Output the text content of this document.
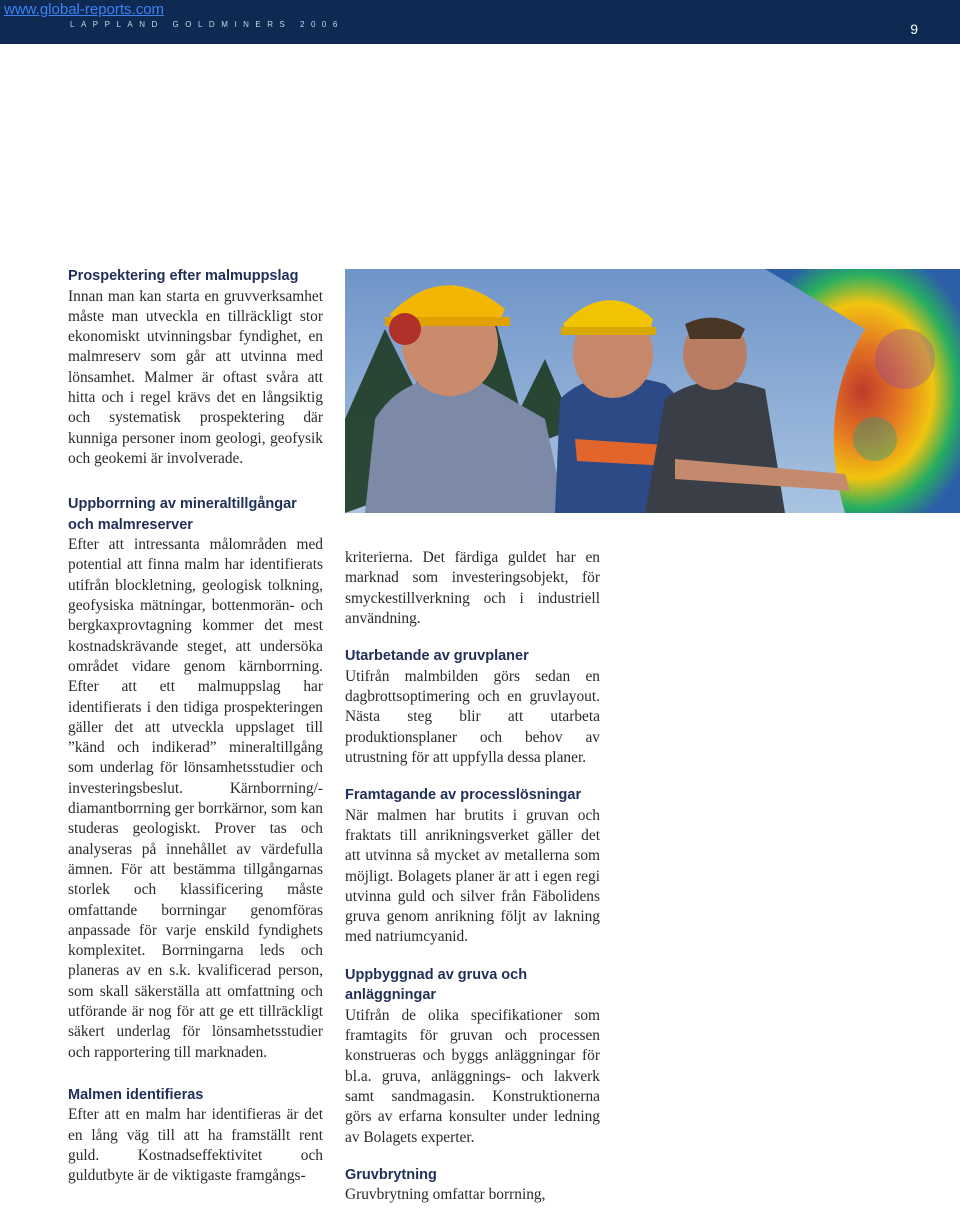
www.global-reports.com
LAPPLAND GOLDMINERS 2006	9
Prospektering efter malmuppslag

Innan man kan starta en gruvverksamhet måste man utveckla en tillräckligt stor ekonomiskt utvinningsbar fyndighet, en malmreserv som går att utvinna med lönsamhet. Malmer är oftast svåra att hitta och i regel krävs det en långsiktig och systematisk prospektering där kunniga personer inom geologi, geofysik och geokemi är involverade.

Uppborrning av mineraltillgångar och malmreserver

Efter att intressanta målområden med potential att finna malm har identifierats utifrån blockletning, geologisk tolkning, geofysiska mätningar, bottenmorän- och bergkaxprovtagning kommer det mest kostnadskrävande steget, att undersöka området vidare genom kärnborrning. Efter att ett malmuppslag har identifierats i den tidiga prospekteringen gäller det att utveckla uppslaget till ”känd och indikerad” mineraltillgång som underlag för lönsamhetsstudier och investeringsbeslut. Kärnborrning/-diamantborrning ger borrkärnor, som kan studeras geologiskt. Prover tas och analyseras på innehållet av värdefulla ämnen. För att bestämma tillgångarnas storlek och klassificering måste omfattande borrningar genomföras anpassade för varje enskild fyndighets komplexitet. Borrningarna leds och planeras av en s.k. kvalificerad person, som skall säkerställa att omfattning och utförande är nog för att ge ett tillräckligt säkert underlag för lönsamhetsstudier och rapportering till marknaden.

Malmen identifieras

Efter att en malm har identifieras är det en lång väg till att ha framställt rent guld. Kostnadseffektivitet och guldutbyte är de viktigaste framgångs-

kriterierna. Det färdiga guldet har en marknad som investeringsobjekt, för smyckestillverkning och i industriell användning.

Utarbetande av gruvplaner

Utifrån malmbilden görs sedan en dagbrottsoptimering och en gruvlayout. Nästa steg blir att utarbeta produktionsplaner och behov av utrustning för att uppfylla dessa planer.

Framtagande av processlösningar

När malmen har brutits i gruvan och fraktats till anrikningsverket gäller det att utvinna så mycket av metallerna som möjligt. Bolagets planer är att i egen regi utvinna guld och silver från Fäbolidens gruva genom anrikning följt av lakning med natriumcyanid.

Uppbyggnad av gruva och anläggningar

Utifrån de olika specifikationer som framtagits för gruvan och processen konstrueras och byggs anläggningar för bl.a. gruva, anläggnings- och lakverk samt sandmagasin. Konstruktionerna görs av erfarna konsulter under ledning av Bolagets experter.

Gruvbrytning

Gruvbrytning omfattar borrning,
